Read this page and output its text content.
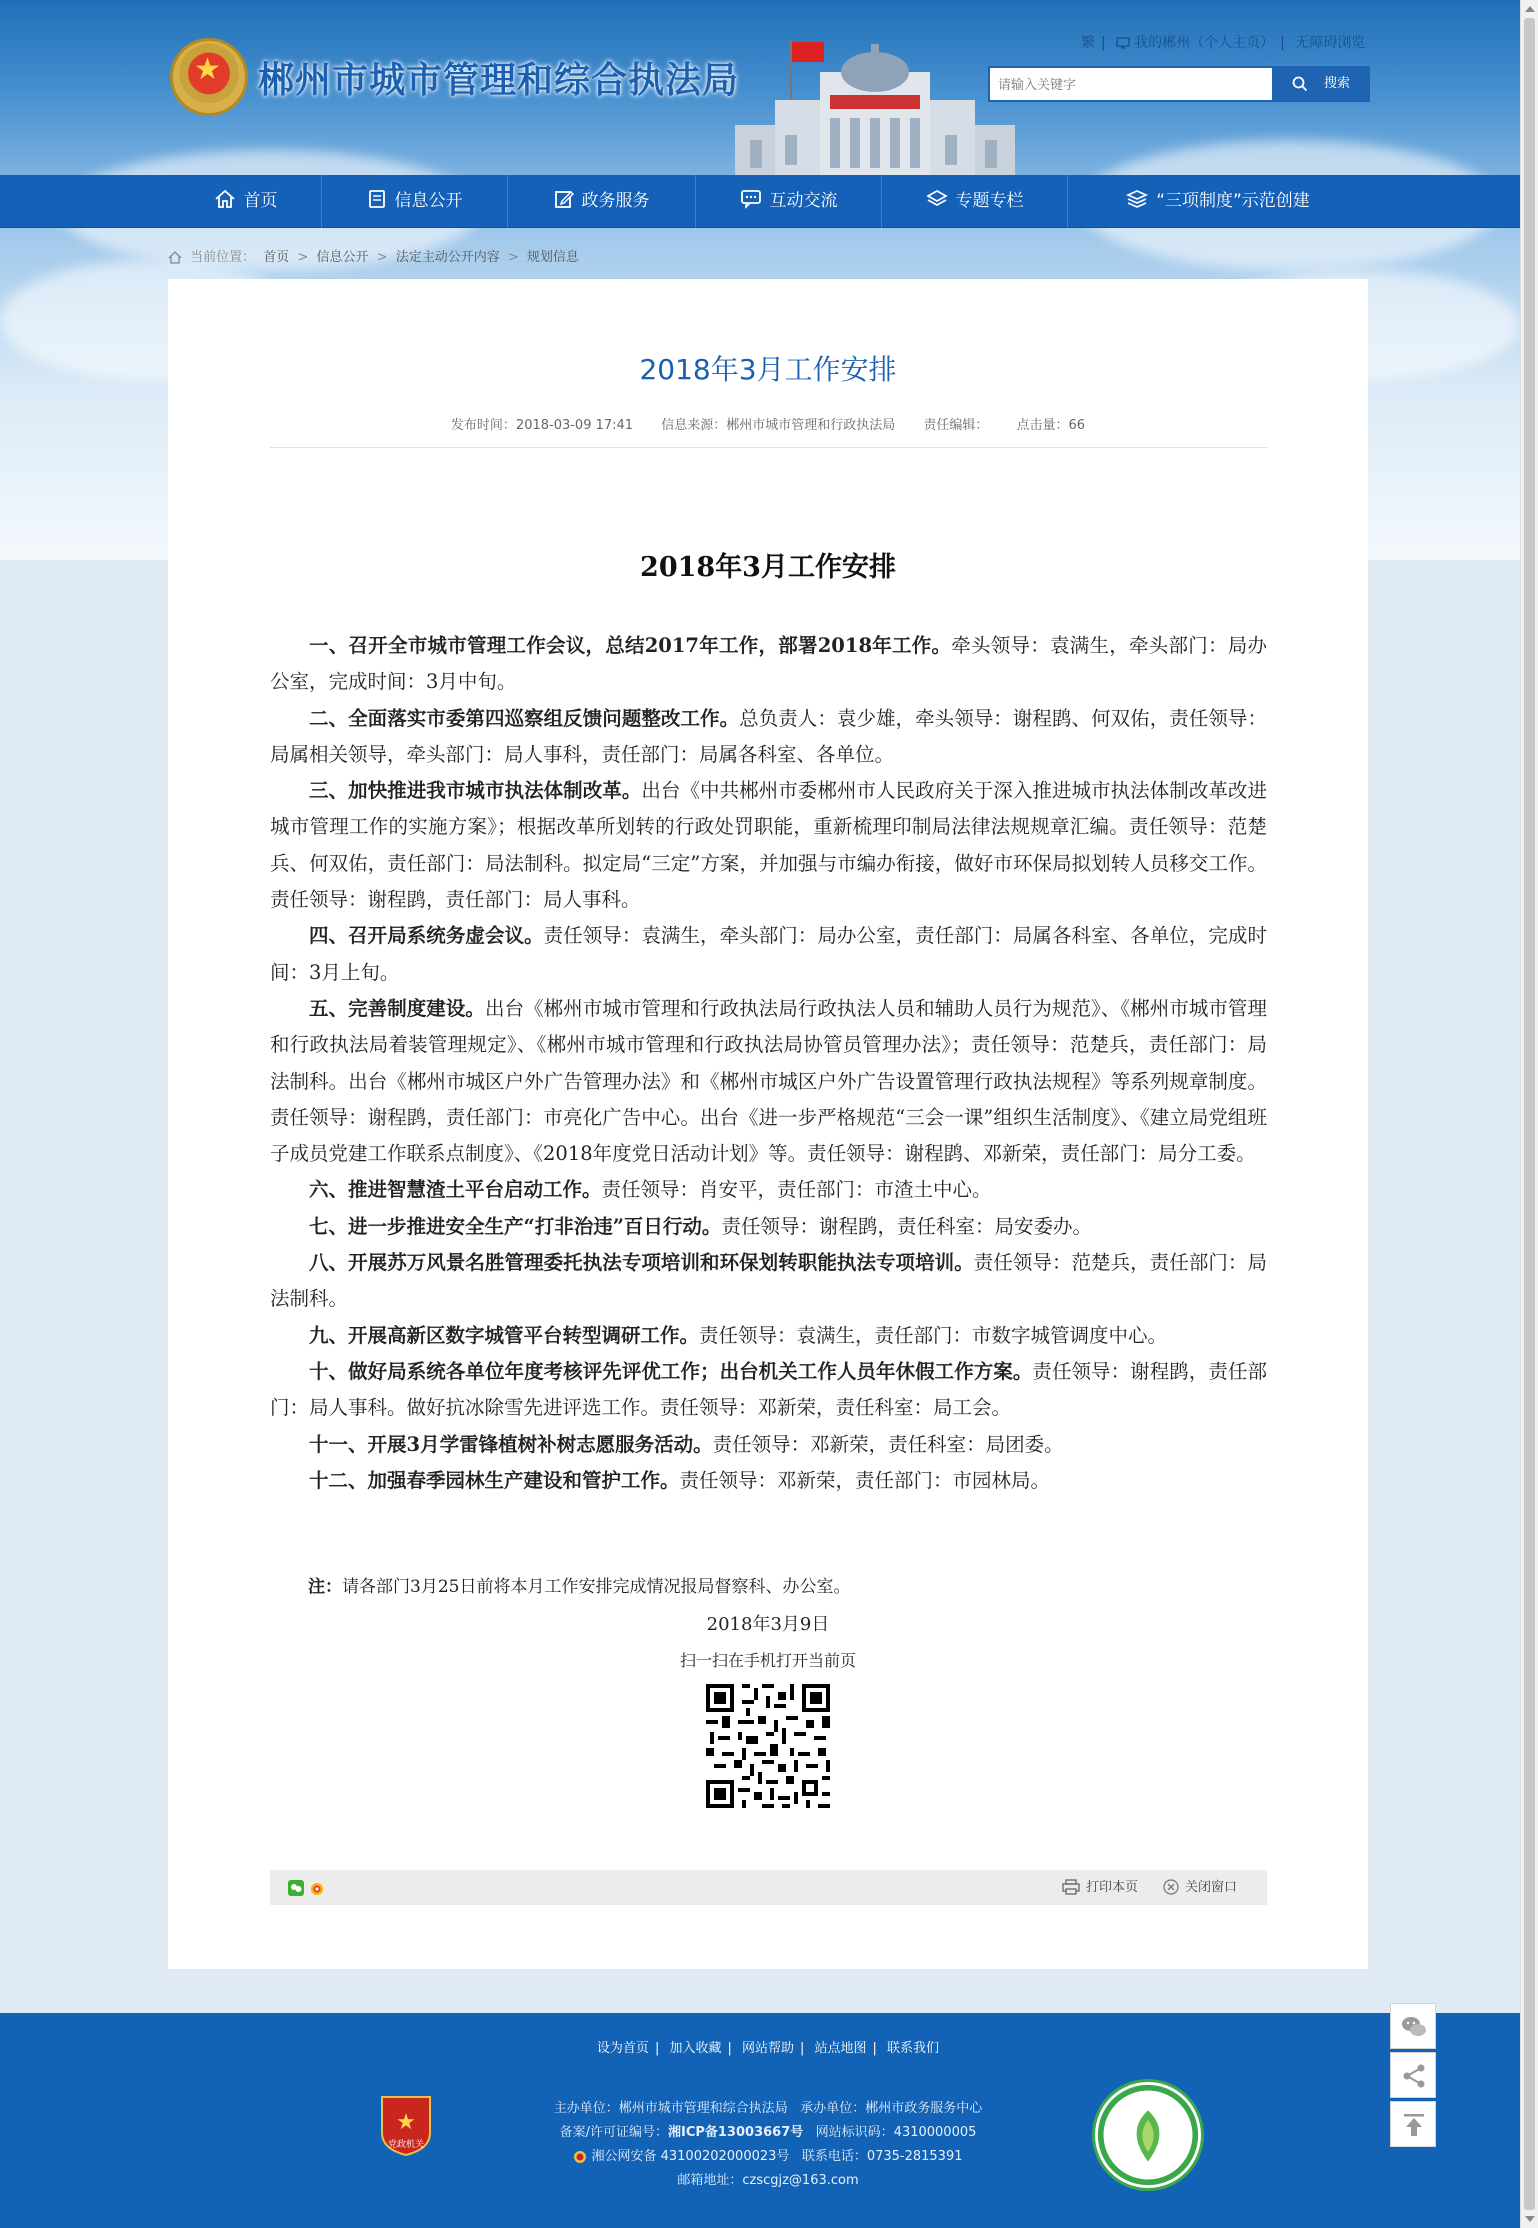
★ 郴州市城市管理和综合执法局
繁 | 我的郴州（个人主页） | 无障碍浏览
请输入关键字
搜索
首页	信息公开	政务服务	互动交流	专题专栏	“三项制度”示范创建
当前位置： 首页 > 信息公开 > 法定主动公开内容 > 规划信息
2018年3月工作安排
发布时间：2018-03-09 17:41 信息来源：郴州市城市管理和行政执法局 责任编辑： 点击量：66
2018年3月工作安排

一、召开全市城市管理工作会议，总结2017年工作，部署2018年工作。牵头领导：袁满生，牵头部门：局办公室，完成时间：3月中旬。

二、全面落实市委第四巡察组反馈问题整改工作。总负责人：袁少雄，牵头领导：谢程鹍、何双佑，责任领导：局属相关领导，牵头部门：局人事科，责任部门：局属各科室、各单位。

三、加快推进我市城市执法体制改革。出台《中共郴州市委郴州市人民政府关于深入推进城市执法体制改革改进城市管理工作的实施方案》；根据改革所划转的行政处罚职能，重新梳理印制局法律法规规章汇编。责任领导：范楚兵、何双佑，责任部门：局法制科。拟定局“三定”方案，并加强与市编办衔接，做好市环保局拟划转人员移交工作。责任领导：谢程鹍，责任部门：局人事科。

四、召开局系统务虚会议。责任领导：袁满生，牵头部门：局办公室，责任部门：局属各科室、各单位，完成时间：3月上旬。

五、完善制度建设。出台《郴州市城市管理和行政执法局行政执法人员和辅助人员行为规范》、《郴州市城市管理和行政执法局着装管理规定》、《郴州市城市管理和行政执法局协管员管理办法》；责任领导：范楚兵，责任部门：局法制科。出台《郴州市城区户外广告管理办法》和《郴州市城区户外广告设置管理行政执法规程》等系列规章制度。责任领导：谢程鹍，责任部门：市亮化广告中心。出台《进一步严格规范“三会一课”组织生活制度》、《建立局党组班子成员党建工作联系点制度》、《2018年度党日活动计划》等。责任领导：谢程鹍、邓新荣，责任部门：局分工委。

六、推进智慧渣土平台启动工作。责任领导：肖安平，责任部门：市渣土中心。

七、进一步推进安全生产“打非治违”百日行动。责任领导：谢程鹍，责任科室：局安委办。

八、开展苏万风景名胜管理委托执法专项培训和环保划转职能执法专项培训。责任领导：范楚兵，责任部门：局法制科。

九、开展高新区数字城管平台转型调研工作。责任领导：袁满生，责任部门：市数字城管调度中心。

十、做好局系统各单位年度考核评先评优工作；出台机关工作人员年休假工作方案。责任领导：谢程鹍，责任部门：局人事科。做好抗冰除雪先进评选工作。责任领导：邓新荣，责任科室：局工会。

十一、开展3月学雷锋植树补树志愿服务活动。责任领导：邓新荣，责任科室：局团委。

十二、加强春季园林生产建设和管护工作。责任领导：邓新荣，责任部门：市园林局。

注：请各部门3月25日前将本月工作安排完成情况报局督察科、办公室。
2018年3月9日
扫一扫在手机打开当前页
打印本页	关闭窗口
设为首页 | 加入收藏 | 网站帮助 | 站点地图 | 联系我们
★
党政机关
主办单位：郴州市城市管理和综合执法局 承办单位：郴州市政务服务中心
备案/许可证编号：湘ICP备13003667号 网站标识码：4310000005
湘公网安备 43100202000023号 联系电话：0735-2815391
邮箱地址：czscgjz@163.com
